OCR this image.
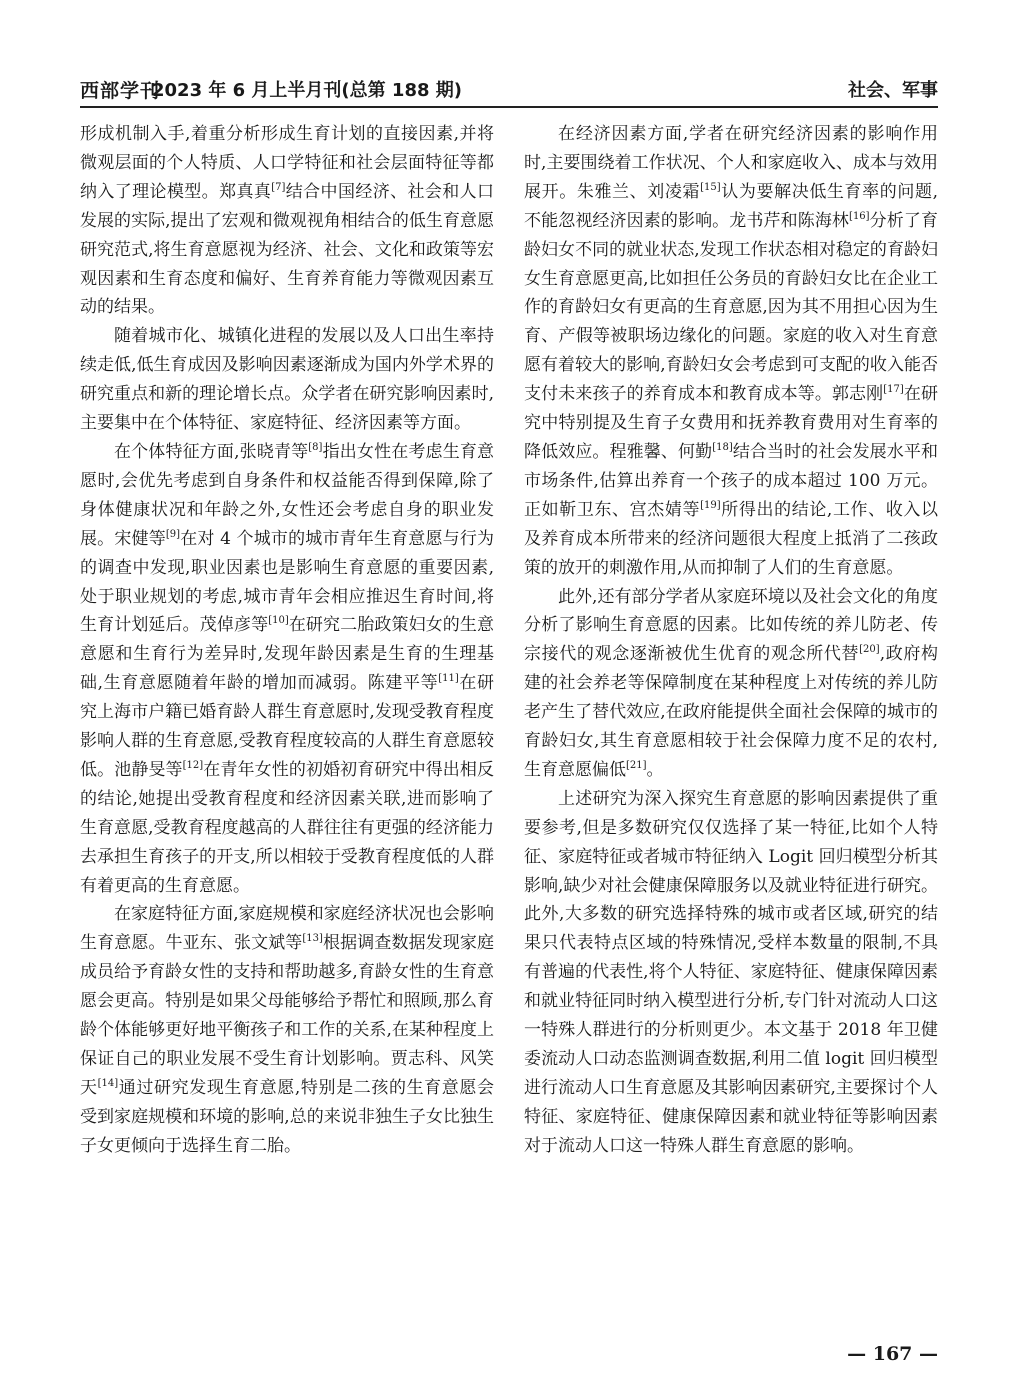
西部学刊
2023 年 6 月上半月刊(总第 188 期)	社会、军事

形成机制入手,着重分析形成生育计划的直接因素,并将微观层面的个人特质、人口学特征和社会层面特征等都纳入了理论模型。郑真真[7]结合中国经济、社会和人口发展的实际,提出了宏观和微观视角相结合的低生育意愿研究范式,将生育意愿视为经济、社会、文化和政策等宏观因素和生育态度和偏好、生育养育能力等微观因素互动的结果。

随着城市化、城镇化进程的发展以及人口出生率持续走低,低生育成因及影响因素逐渐成为国内外学术界的研究重点和新的理论增长点。众学者在研究影响因素时,主要集中在个体特征、家庭特征、经济因素等方面。

在个体特征方面,张晓青等[8]指出女性在考虑生育意愿时,会优先考虑到自身条件和权益能否得到保障,除了身体健康状况和年龄之外,女性还会考虑自身的职业发展。宋健等[9]在对 4 个城市的城市青年生育意愿与行为的调查中发现,职业因素也是影响生育意愿的重要因素,处于职业规划的考虑,城市青年会相应推迟生育时间,将生育计划延后。茂倬彦等[10]在研究二胎政策妇女的生意意愿和生育行为差异时,发现年龄因素是生育的生理基础,生育意愿随着年龄的增加而减弱。陈建平等[11]在研究上海市户籍已婚育龄人群生育意愿时,发现受教育程度影响人群的生育意愿,受教育程度较高的人群生育意愿较低。池静旻等[12]在青年女性的初婚初育研究中得出相反的结论,她提出受教育程度和经济因素关联,进而影响了生育意愿,受教育程度越高的人群往往有更强的经济能力去承担生育孩子的开支,所以相较于受教育程度低的人群有着更高的生育意愿。

在家庭特征方面,家庭规模和家庭经济状况也会影响生育意愿。牛亚东、张文斌等[13]根据调查数据发现家庭成员给予育龄女性的支持和帮助越多,育龄女性的生育意愿会更高。特别是如果父母能够给予帮忙和照顾,那么育龄个体能够更好地平衡孩子和工作的关系,在某种程度上保证自己的职业发展不受生育计划影响。贾志科、风笑天[14]通过研究发现生育意愿,特别是二孩的生育意愿会受到家庭规模和环境的影响,总的来说非独生子女比独生子女更倾向于选择生育二胎。

在经济因素方面,学者在研究经济因素的影响作用时,主要围绕着工作状况、个人和家庭收入、成本与效用展开。朱雅兰、刘凌霜[15]认为要解决低生育率的问题,不能忽视经济因素的影响。龙书芹和陈海林[16]分析了育龄妇女不同的就业状态,发现工作状态相对稳定的育龄妇女生育意愿更高,比如担任公务员的育龄妇女比在企业工作的育龄妇女有更高的生育意愿,因为其不用担心因为生育、产假等被职场边缘化的问题。家庭的收入对生育意愿有着较大的影响,育龄妇女会考虑到可支配的收入能否支付未来孩子的养育成本和教育成本等。郭志刚[17]在研究中特别提及生育子女费用和抚养教育费用对生育率的降低效应。程雅馨、何勤[18]结合当时的社会发展水平和市场条件,估算出养育一个孩子的成本超过 100 万元。正如靳卫东、宫杰婧等[19]所得出的结论,工作、收入以及养育成本所带来的经济问题很大程度上抵消了二孩政策的放开的刺激作用,从而抑制了人们的生育意愿。

此外,还有部分学者从家庭环境以及社会文化的角度分析了影响生育意愿的因素。比如传统的养儿防老、传宗接代的观念逐渐被优生优育的观念所代替[20],政府构建的社会养老等保障制度在某种程度上对传统的养儿防老产生了替代效应,在政府能提供全面社会保障的城市的育龄妇女,其生育意愿相较于社会保障力度不足的农村,生育意愿偏低[21]。

上述研究为深入探究生育意愿的影响因素提供了重要参考,但是多数研究仅仅选择了某一特征,比如个人特征、家庭特征或者城市特征纳入 Logit 回归模型分析其影响,缺少对社会健康保障服务以及就业特征进行研究。此外,大多数的研究选择特殊的城市或者区域,研究的结果只代表特点区域的特殊情况,受样本数量的限制,不具有普遍的代表性,将个人特征、家庭特征、健康保障因素和就业特征同时纳入模型进行分析,专门针对流动人口这一特殊人群进行的分析则更少。本文基于 2018 年卫健委流动人口动态监测调查数据,利用二值 logit 回归模型进行流动人口生育意愿及其影响因素研究,主要探讨个人特征、家庭特征、健康保障因素和就业特征等影响因素对于流动人口这一特殊人群生育意愿的影响。

— 167 —
